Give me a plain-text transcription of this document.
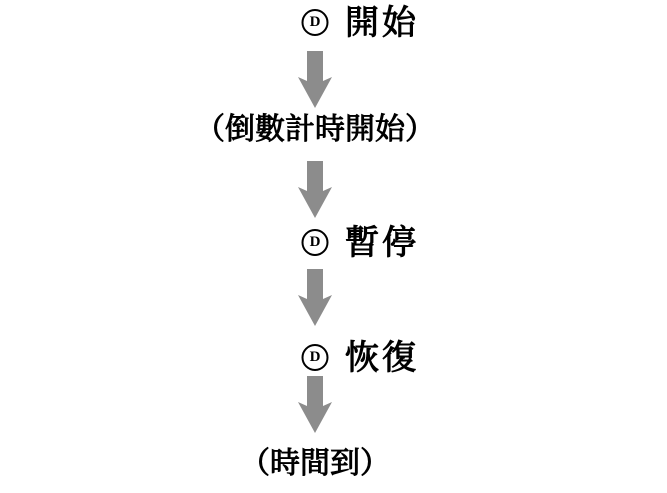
D 開始
（倒數計時開始）
D 暫停
D 恢復
（時間到）
